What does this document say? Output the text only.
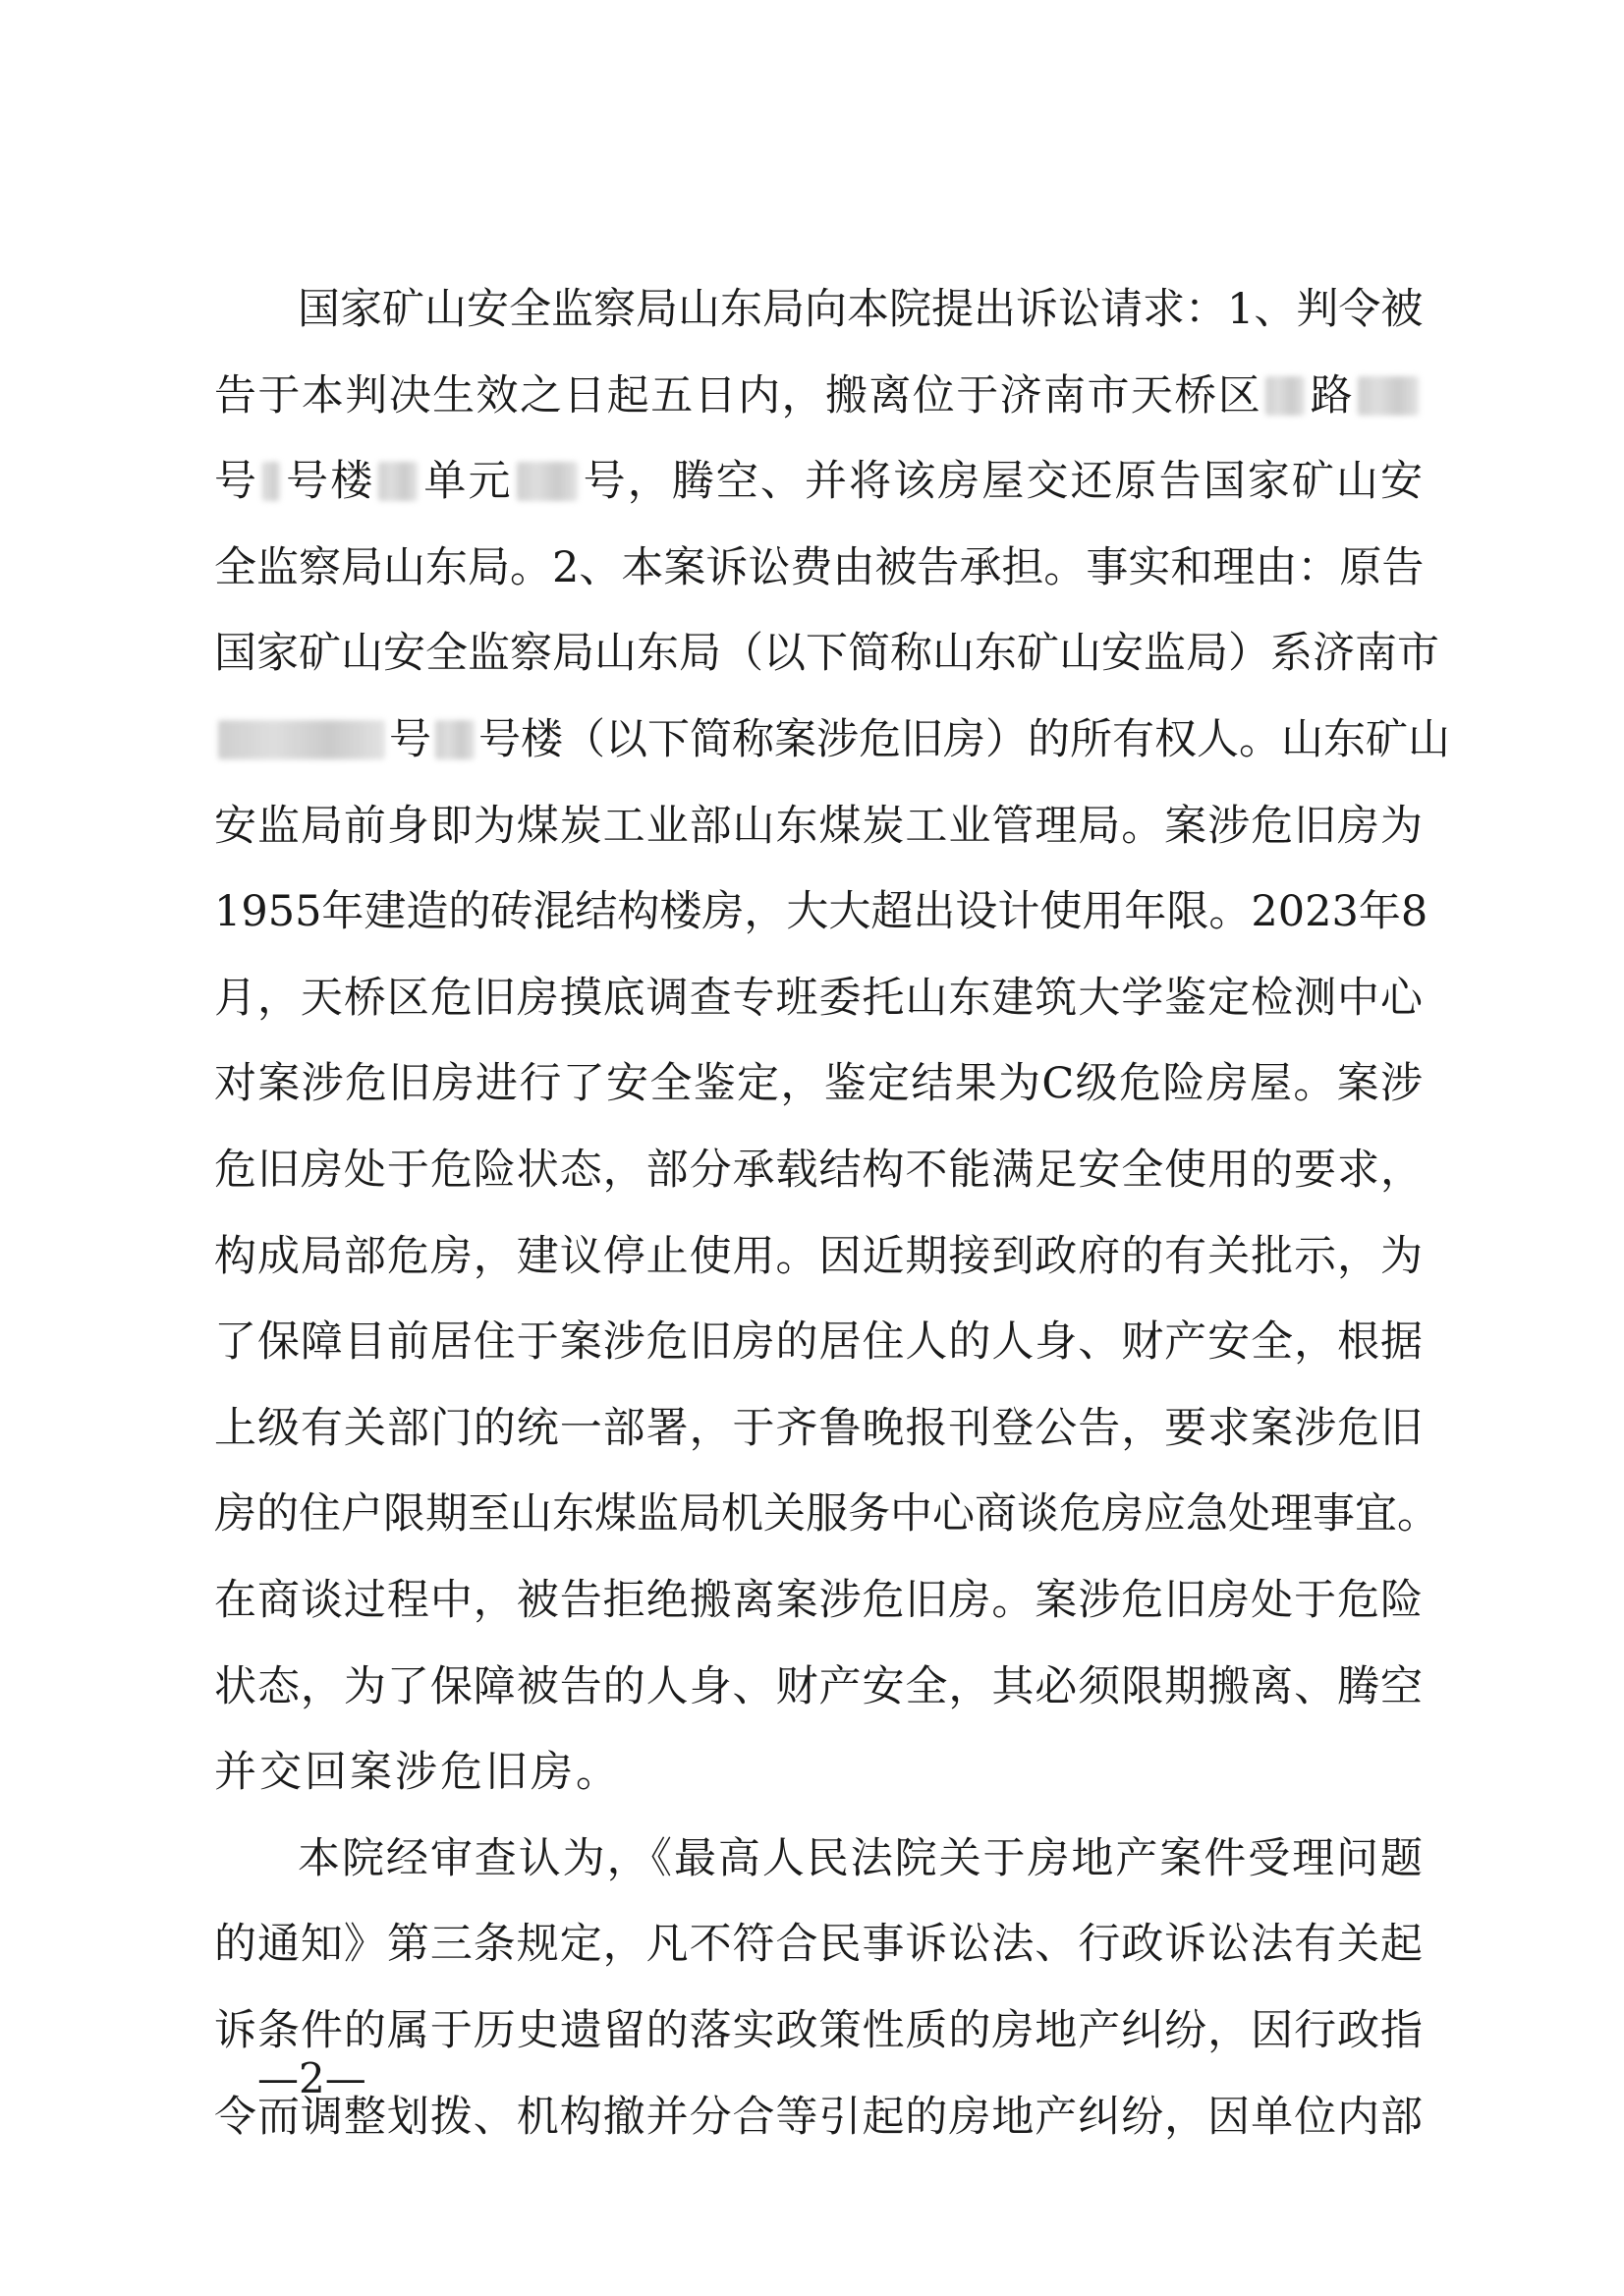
国家矿山安全监察局山东局向本院提出诉讼请求：1、判令被
告于本判决生效之日起五日内，搬离位于济南市天桥区 路
号 号楼 单元 号，腾空、并将该房屋交还原告国家矿山安
全监察局山东局。2、本案诉讼费由被告承担。事实和理由：原告
国家矿山安全监察局山东局（以下简称山东矿山安监局）系济南市
号 号楼（以下简称案涉危旧房）的所有权人。山东矿山
安监局前身即为煤炭工业部山东煤炭工业管理局。案涉危旧房为
1955年建造的砖混结构楼房，大大超出设计使用年限。2023年8
月，天桥区危旧房摸底调查专班委托山东建筑大学鉴定检测中心
对案涉危旧房进行了安全鉴定，鉴定结果为C级危险房屋。案涉
危旧房处于危险状态，部分承载结构不能满足安全使用的要求，
构成局部危房，建议停止使用。因近期接到政府的有关批示，为
了保障目前居住于案涉危旧房的居住人的人身、财产安全，根据
上级有关部门的统一部署，于齐鲁晚报刊登公告，要求案涉危旧
房的住户限期至山东煤监局机关服务中心商谈危房应急处理事宜。
在商谈过程中，被告拒绝搬离案涉危旧房。案涉危旧房处于危险
状态，为了保障被告的人身、财产安全，其必须限期搬离、腾空
并交回案涉危旧房。
本院经审查认为，《最高人民法院关于房地产案件受理问题
的通知》第三条规定，凡不符合民事诉讼法、行政诉讼法有关起
诉条件的属于历史遗留的落实政策性质的房地产纠纷，因行政指
令而调整划拨、机构撤并分合等引起的房地产纠纷，因单位内部
—2—
